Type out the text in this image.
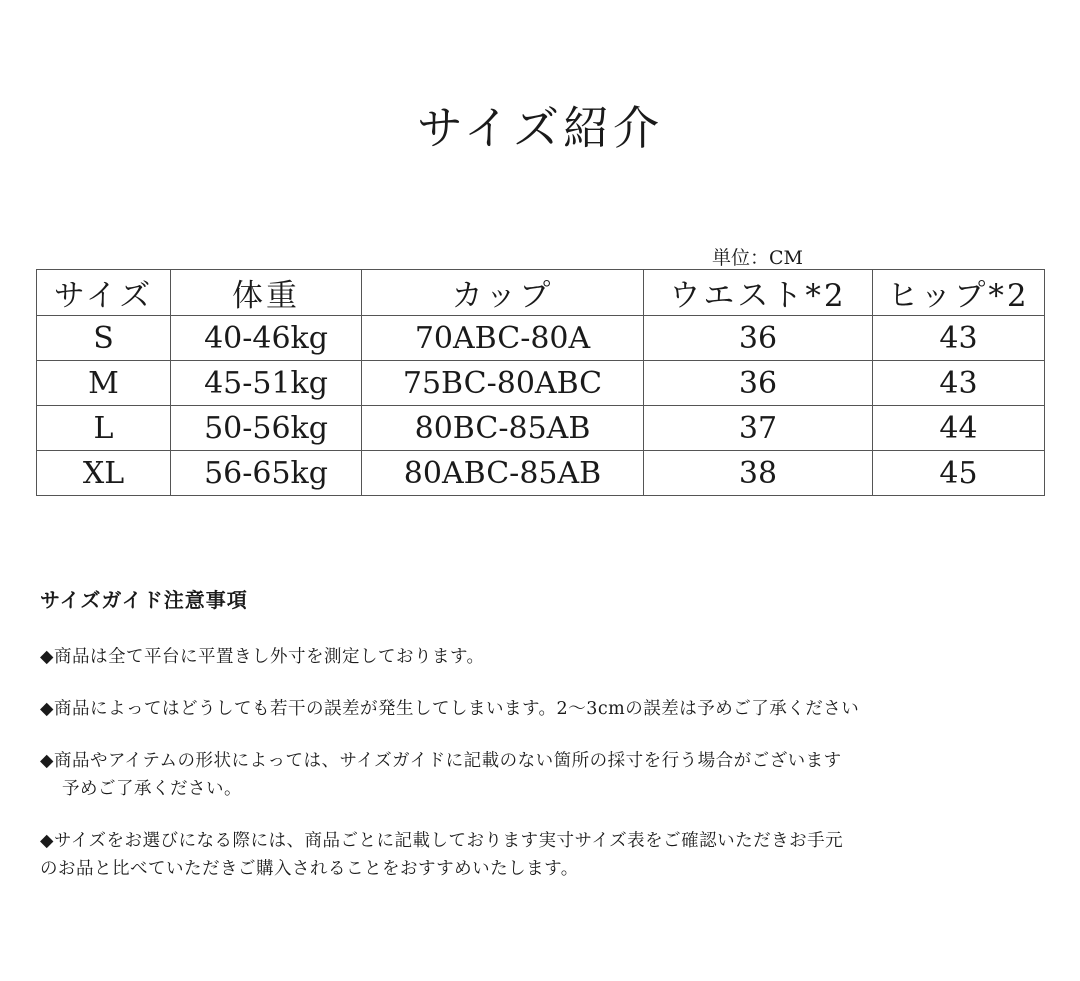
サイズ紹介
単位：CM
サイズ	体重	カップ	ウエスト*2	ヒップ*2
S	40-46kg	70ABC-80A	36	43
M	45-51kg	75BC-80ABC	36	43
L	50-56kg	80BC-85AB	37	44
XL	56-65kg	80ABC-85AB	38	45
サイズガイド注意事項
◆商品は全て平台に平置きし外寸を測定しております。
◆商品によってはどうしても若干の誤差が発生してしまいます。2～3cmの誤差は予めご了承ください
◆商品やアイテムの形状によっては、サイズガイドに記載のない箇所の採寸を行う場合がございます
予めご了承ください。
◆サイズをお選びになる際には、商品ごとに記載しております実寸サイズ表をご確認いただきお手元
のお品と比べていただきご購入されることをおすすめいたします。
